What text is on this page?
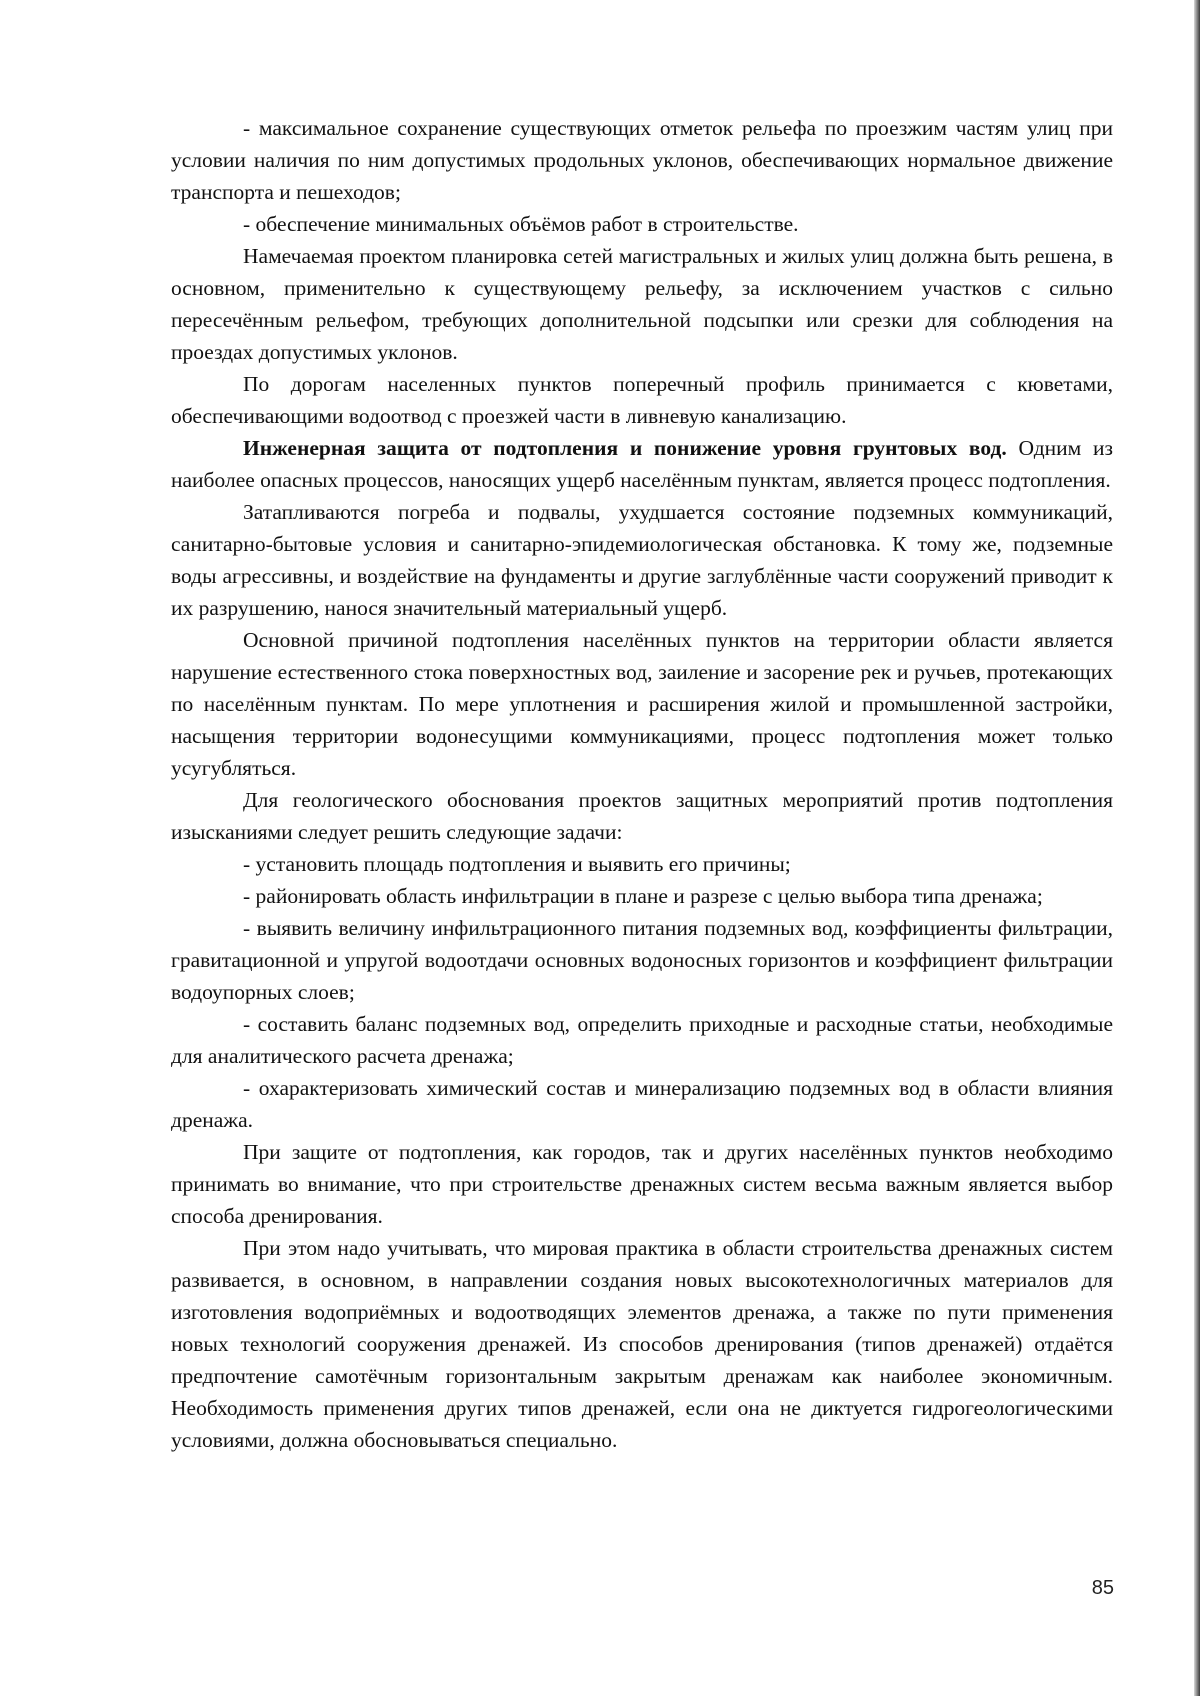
- максимальное сохранение существующих отметок рельефа по проезжим частям улиц при условии наличия по ним допустимых продольных уклонов, обеспечивающих нормальное движение транспорта и пешеходов;

- обеспечение минимальных объёмов работ в строительстве.

Намечаемая проектом планировка сетей магистральных и жилых улиц должна быть решена, в основном, применительно к существующему рельефу, за исключением участков с сильно пересечённым рельефом, требующих дополнительной подсыпки или срезки для соблюдения на проездах допустимых уклонов.

По дорогам населенных пунктов поперечный профиль принимается с кюветами, обеспечивающими водоотвод с проезжей части в ливневую канализацию.

Инженерная защита от подтопления и понижение уровня грунтовых вод. Одним из наиболее опасных процессов, наносящих ущерб населённым пунктам, является процесс подтопления.

Затапливаются погреба и подвалы, ухудшается состояние подземных коммуникаций, санитарно-бытовые условия и санитарно-эпидемиологическая обстановка. К тому же, подземные воды агрессивны, и воздействие на фундаменты и другие заглублённые части сооружений приводит к их разрушению, нанося значительный материальный ущерб.

Основной причиной подтопления населённых пунктов на территории области является нарушение естественного стока поверхностных вод, заиление и засорение рек и ручьев, протекающих по населённым пунктам. По мере уплотнения и расширения жилой и промышленной застройки, насыщения территории водонесущими коммуникациями, процесс подтопления может только усугубляться.

Для геологического обоснования проектов защитных мероприятий против подтопления изысканиями следует решить следующие задачи:

- установить площадь подтопления и выявить его причины;

- районировать область инфильтрации в плане и разрезе с целью выбора типа дренажа;

- выявить величину инфильтрационного питания подземных вод, коэффициенты фильтрации, гравитационной и упругой водоотдачи основных водоносных горизонтов и коэффициент фильтрации водоупорных слоев;

- составить баланс подземных вод, определить приходные и расходные статьи, необходимые для аналитического расчета дренажа;

- охарактеризовать химический состав и минерализацию подземных вод в области влияния дренажа.

При защите от подтопления, как городов, так и других населённых пунктов необходимо принимать во внимание, что при строительстве дренажных систем весьма важным является выбор способа дренирования.

При этом надо учитывать, что мировая практика в области строительства дренажных систем развивается, в основном, в направлении создания новых высокотехнологичных материалов для изготовления водоприёмных и водоотводящих элементов дренажа, а также по пути применения новых технологий сооружения дренажей. Из способов дренирования (типов дренажей) отдаётся предпочтение самотёчным горизонтальным закрытым дренажам как наиболее экономичным. Необходимость применения других типов дренажей, если она не диктуется гидрогеологическими условиями, должна обосновываться специально.

85
